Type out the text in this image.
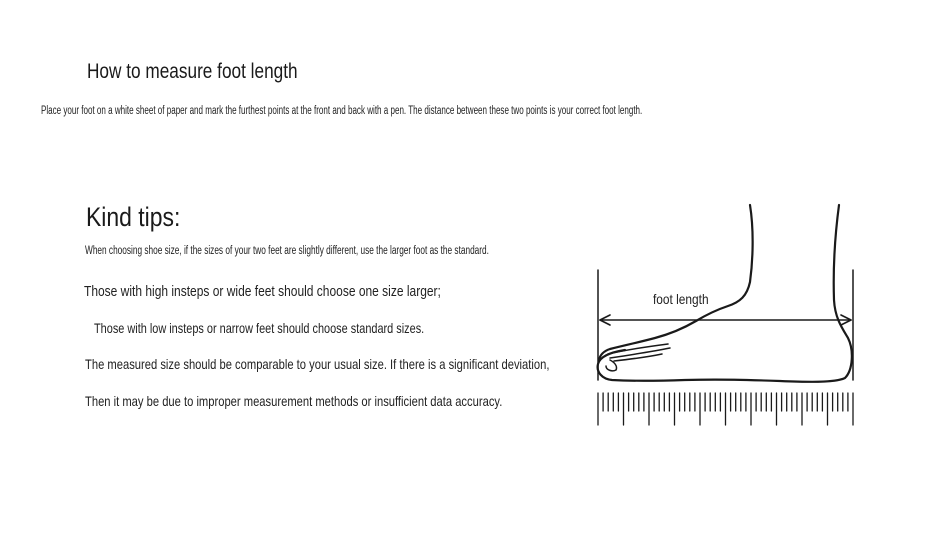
How to measure foot length
Place your foot on a white sheet of paper and mark the furthest points at the front and back with a pen. The distance between these two points is your correct foot length.
Kind tips:
When choosing shoe size, if the sizes of your two feet are slightly different, use the larger foot as the standard.
Those with high insteps or wide feet should choose one size larger;
Those with low insteps or narrow feet should choose standard sizes.
The measured size should be comparable to your usual size. If there is a significant deviation,
Then it may be due to improper measurement methods or insufficient data accuracy.
foot length
